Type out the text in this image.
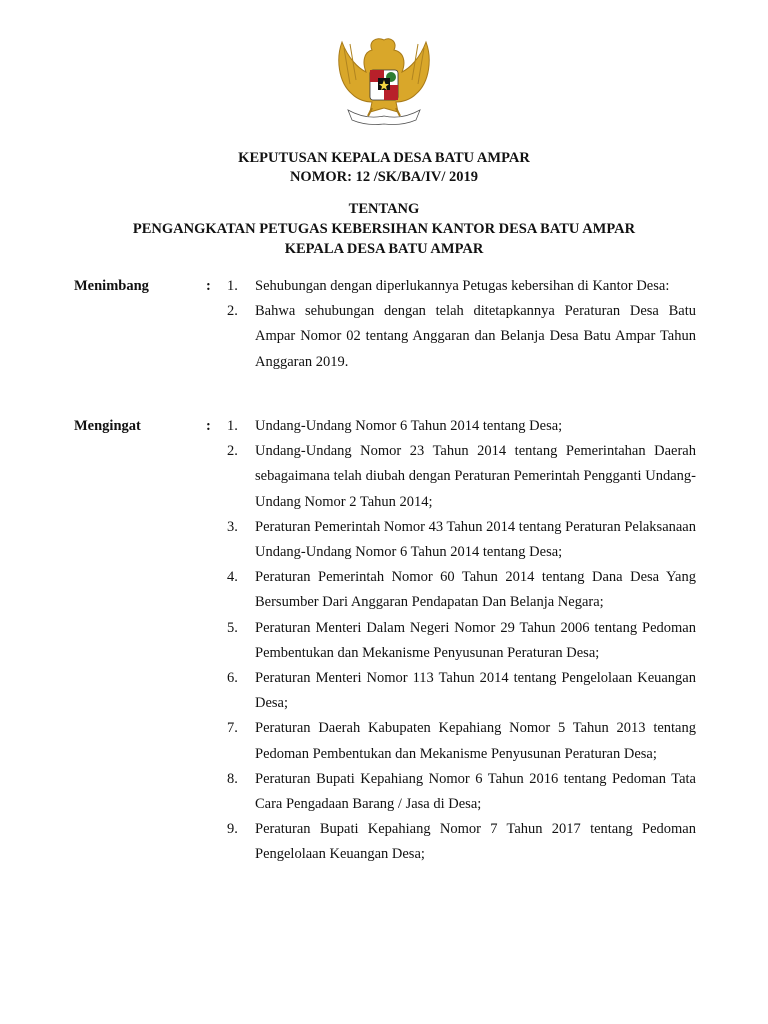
KEPUTUSAN KEPALA DESA BATU AMPAR
NOMOR: 12 /SK/BA/IV/ 2019
TENTANG
PENGANGKATAN PETUGAS KEBERSIHAN KANTOR DESA BATU AMPAR
KEPALA DESA BATU AMPAR
Menimbang	: 1.	Sehubungan dengan diperlukannya Petugas kebersihan di Kantor Desa:
2.	Bahwa sehubungan dengan telah ditetapkannya Peraturan Desa Batu Ampar Nomor 02 tentang Anggaran dan Belanja Desa Batu Ampar Tahun Anggaran 2019.
Mengingat	: 1.	Undang-Undang Nomor 6 Tahun 2014 tentang Desa;
2.	Undang-Undang Nomor 23 Tahun 2014 tentang Pemerintahan Daerah sebagaimana telah diubah dengan Peraturan Pemerintah Pengganti Undang-Undang Nomor 2 Tahun 2014;
3.	Peraturan Pemerintah Nomor 43 Tahun 2014 tentang Peraturan Pelaksanaan Undang-Undang Nomor 6 Tahun 2014 tentang Desa;
4.	Peraturan Pemerintah Nomor 60 Tahun 2014 tentang Dana Desa Yang Bersumber Dari Anggaran Pendapatan Dan Belanja Negara;
5.	Peraturan Menteri Dalam Negeri Nomor 29 Tahun 2006 tentang Pedoman Pembentukan dan Mekanisme Penyusunan Peraturan Desa;
6.	Peraturan Menteri Nomor 113 Tahun 2014 tentang Pengelolaan Keuangan Desa;
7.	Peraturan Daerah Kabupaten Kepahiang Nomor 5 Tahun 2013 tentang Pedoman Pembentukan dan Mekanisme Penyusunan Peraturan Desa;
8.	Peraturan Bupati Kepahiang Nomor 6 Tahun 2016 tentang Pedoman Tata Cara Pengadaan Barang / Jasa di Desa;
9.	Peraturan Bupati Kepahiang Nomor 7 Tahun 2017 tentang Pedoman Pengelolaan Keuangan Desa;
